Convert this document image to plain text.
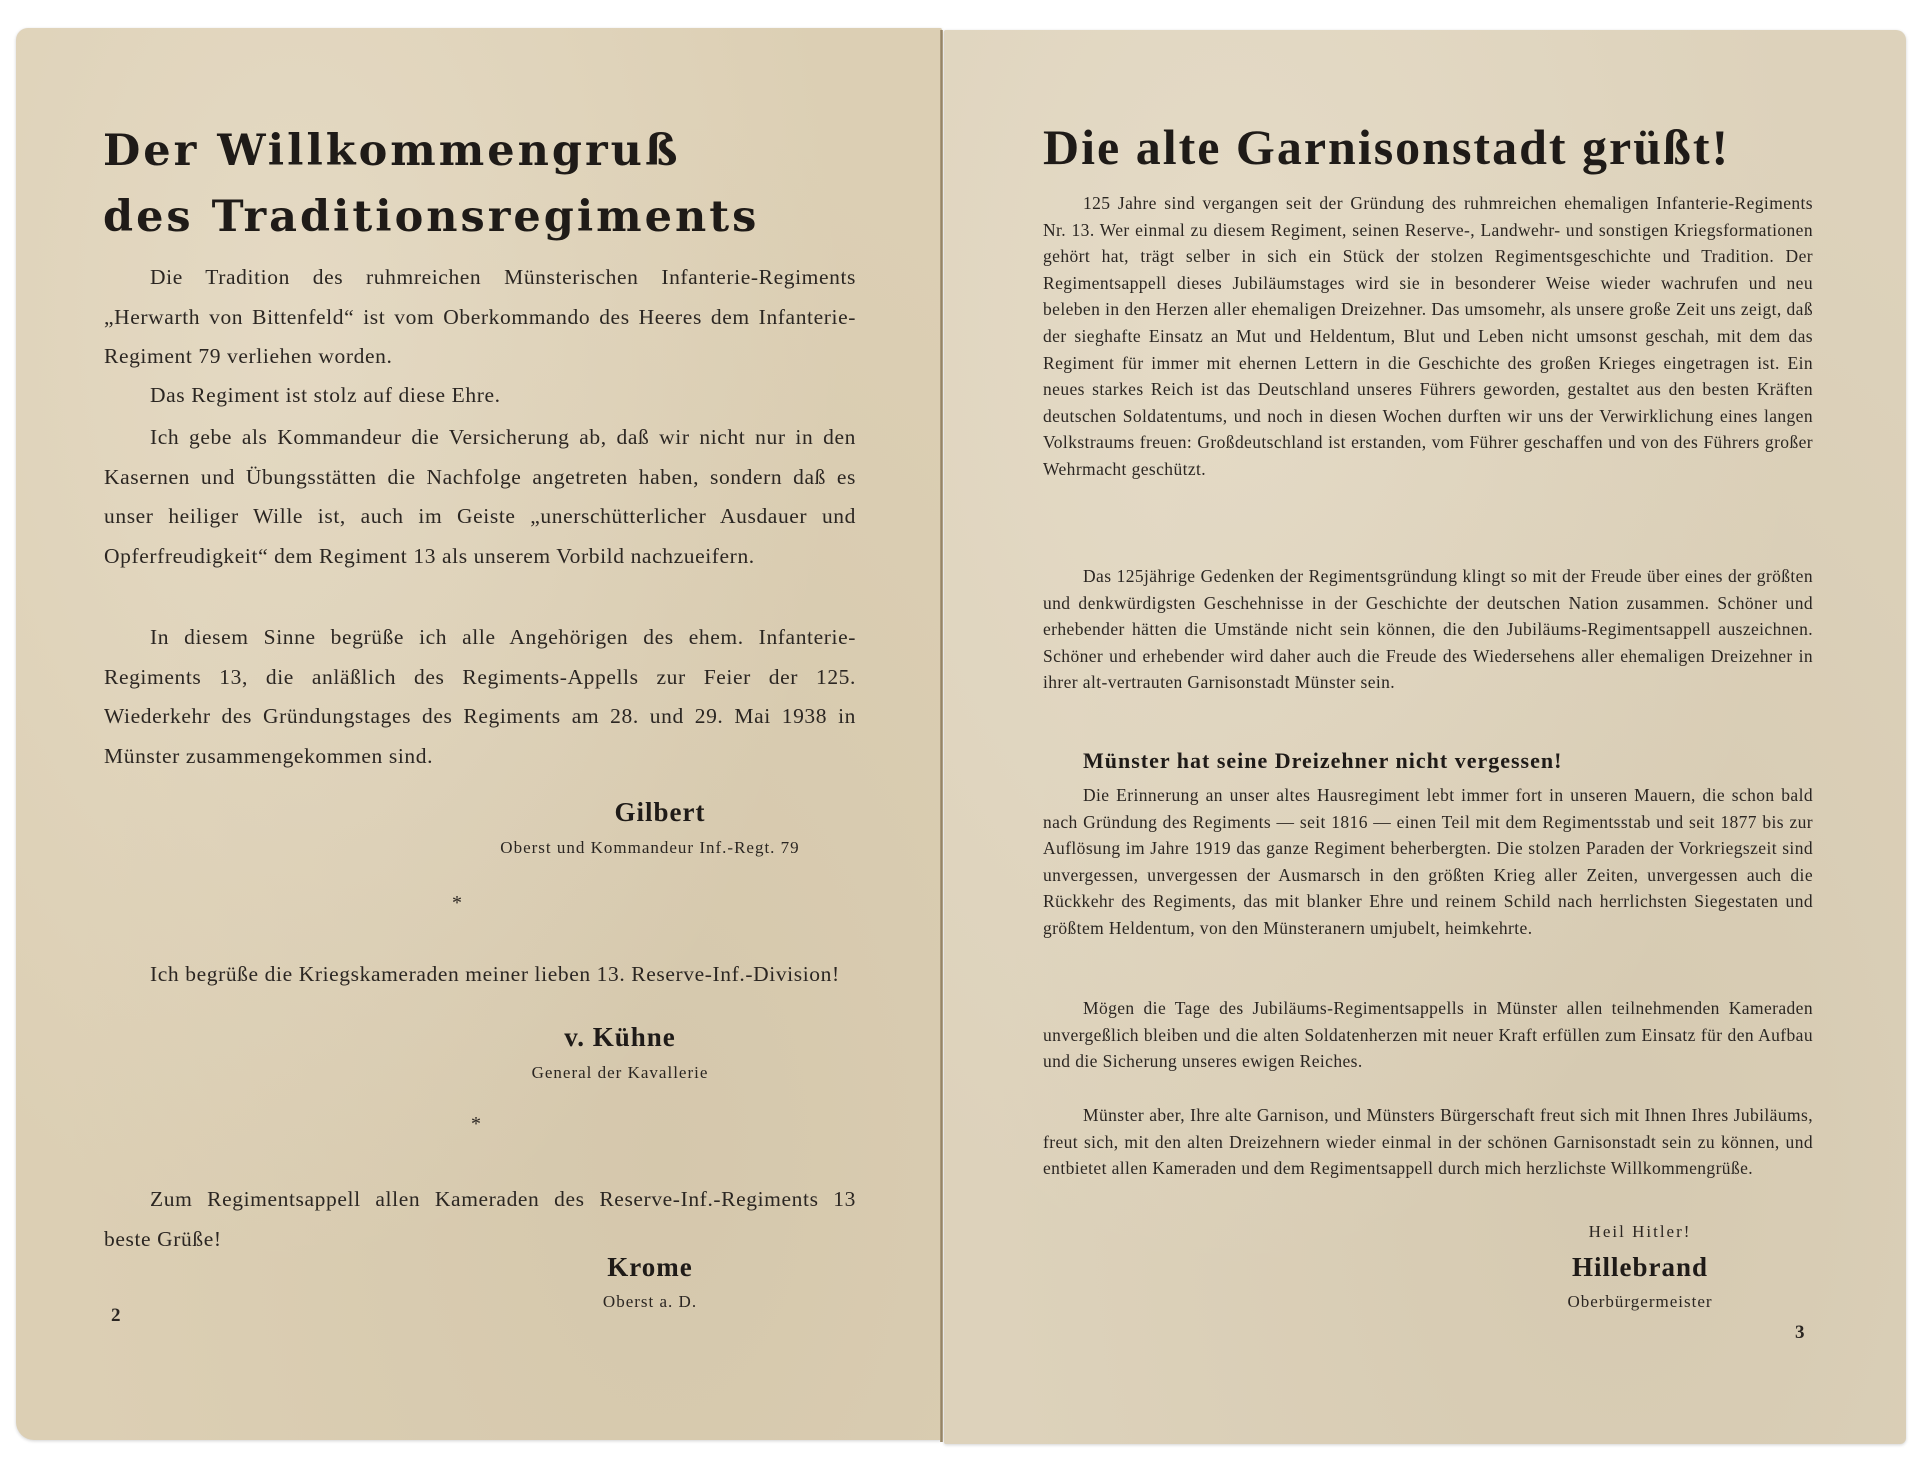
Der Willkommengruß
des Traditionsregiments
Die Tradition des ruhmreichen Münsterischen Infanterie-Regiments „Herwarth von Bittenfeld“ ist vom Oberkommando des Heeres dem Infanterie-Regiment 79 verliehen worden.
Das Regiment ist stolz auf diese Ehre.
Ich gebe als Kommandeur die Versicherung ab, daß wir nicht nur in den Kasernen und Übungsstätten die Nachfolge angetreten haben, sondern daß es unser heiliger Wille ist, auch im Geiste „unerschütterlicher Ausdauer und Opferfreudigkeit“ dem Regiment 13 als unserem Vorbild nachzueifern.
In diesem Sinne begrüße ich alle Angehörigen des ehem. Infanterie-Regiments 13, die anläßlich des Regiments-Appells zur Feier der 125. Wiederkehr des Gründungstages des Regiments am 28. und 29. Mai 1938 in Münster zusammengekommen sind.
Gilbert
Oberst und Kommandeur Inf.-Regt. 79
*
Ich begrüße die Kriegskameraden meiner lieben 13. Reserve-Inf.-Division!
v. Kühne
General der Kavallerie
*
Zum Regimentsappell allen Kameraden des Reserve-Inf.-Regiments 13 beste Grüße!
Krome
Oberst a. D.
2
Die alte Garnisonstadt grüßt!
125 Jahre sind vergangen seit der Gründung des ruhmreichen ehemaligen Infanterie-Regiments Nr. 13. Wer einmal zu diesem Regiment, seinen Reserve-, Landwehr- und sonstigen Kriegsformationen gehört hat, trägt selber in sich ein Stück der stolzen Regimentsgeschichte und Tradition. Der Regimentsappell dieses Jubiläumstages wird sie in besonderer Weise wieder wachrufen und neu beleben in den Herzen aller ehemaligen Dreizehner. Das umsomehr, als unsere große Zeit uns zeigt, daß der sieghafte Einsatz an Mut und Heldentum, Blut und Leben nicht umsonst geschah, mit dem das Regiment für immer mit ehernen Lettern in die Geschichte des großen Krieges eingetragen ist. Ein neues starkes Reich ist das Deutschland unseres Führers geworden, gestaltet aus den besten Kräften deutschen Soldatentums, und noch in diesen Wochen durften wir uns der Verwirklichung eines langen Volkstraums freuen: Großdeutschland ist erstanden, vom Führer geschaffen und von des Führers großer Wehrmacht geschützt.
Das 125jährige Gedenken der Regimentsgründung klingt so mit der Freude über eines der größten und denkwürdigsten Geschehnisse in der Geschichte der deutschen Nation zusammen. Schöner und erhebender hätten die Umstände nicht sein können, die den Jubiläums-Regimentsappell auszeichnen. Schöner und erhebender wird daher auch die Freude des Wiedersehens aller ehemaligen Dreizehner in ihrer alt-vertrauten Garnisonstadt Münster sein.
Münster hat seine Dreizehner nicht vergessen!
Die Erinnerung an unser altes Hausregiment lebt immer fort in unseren Mauern, die schon bald nach Gründung des Regiments — seit 1816 — einen Teil mit dem Regimentsstab und seit 1877 bis zur Auflösung im Jahre 1919 das ganze Regiment beherbergten. Die stolzen Paraden der Vorkriegszeit sind unvergessen, unvergessen der Ausmarsch in den größten Krieg aller Zeiten, unvergessen auch die Rückkehr des Regiments, das mit blanker Ehre und reinem Schild nach herrlichsten Siegestaten und größtem Heldentum, von den Münsteranern umjubelt, heimkehrte.
Mögen die Tage des Jubiläums-Regimentsappells in Münster allen teilnehmenden Kameraden unvergeßlich bleiben und die alten Soldatenherzen mit neuer Kraft erfüllen zum Einsatz für den Aufbau und die Sicherung unseres ewigen Reiches.
Münster aber, Ihre alte Garnison, und Münsters Bürgerschaft freut sich mit Ihnen Ihres Jubiläums, freut sich, mit den alten Dreizehnern wieder einmal in der schönen Garnisonstadt sein zu können, und entbietet allen Kameraden und dem Regimentsappell durch mich herzlichste Willkommengrüße.
Heil Hitler!
Hillebrand
Oberbürgermeister
3
